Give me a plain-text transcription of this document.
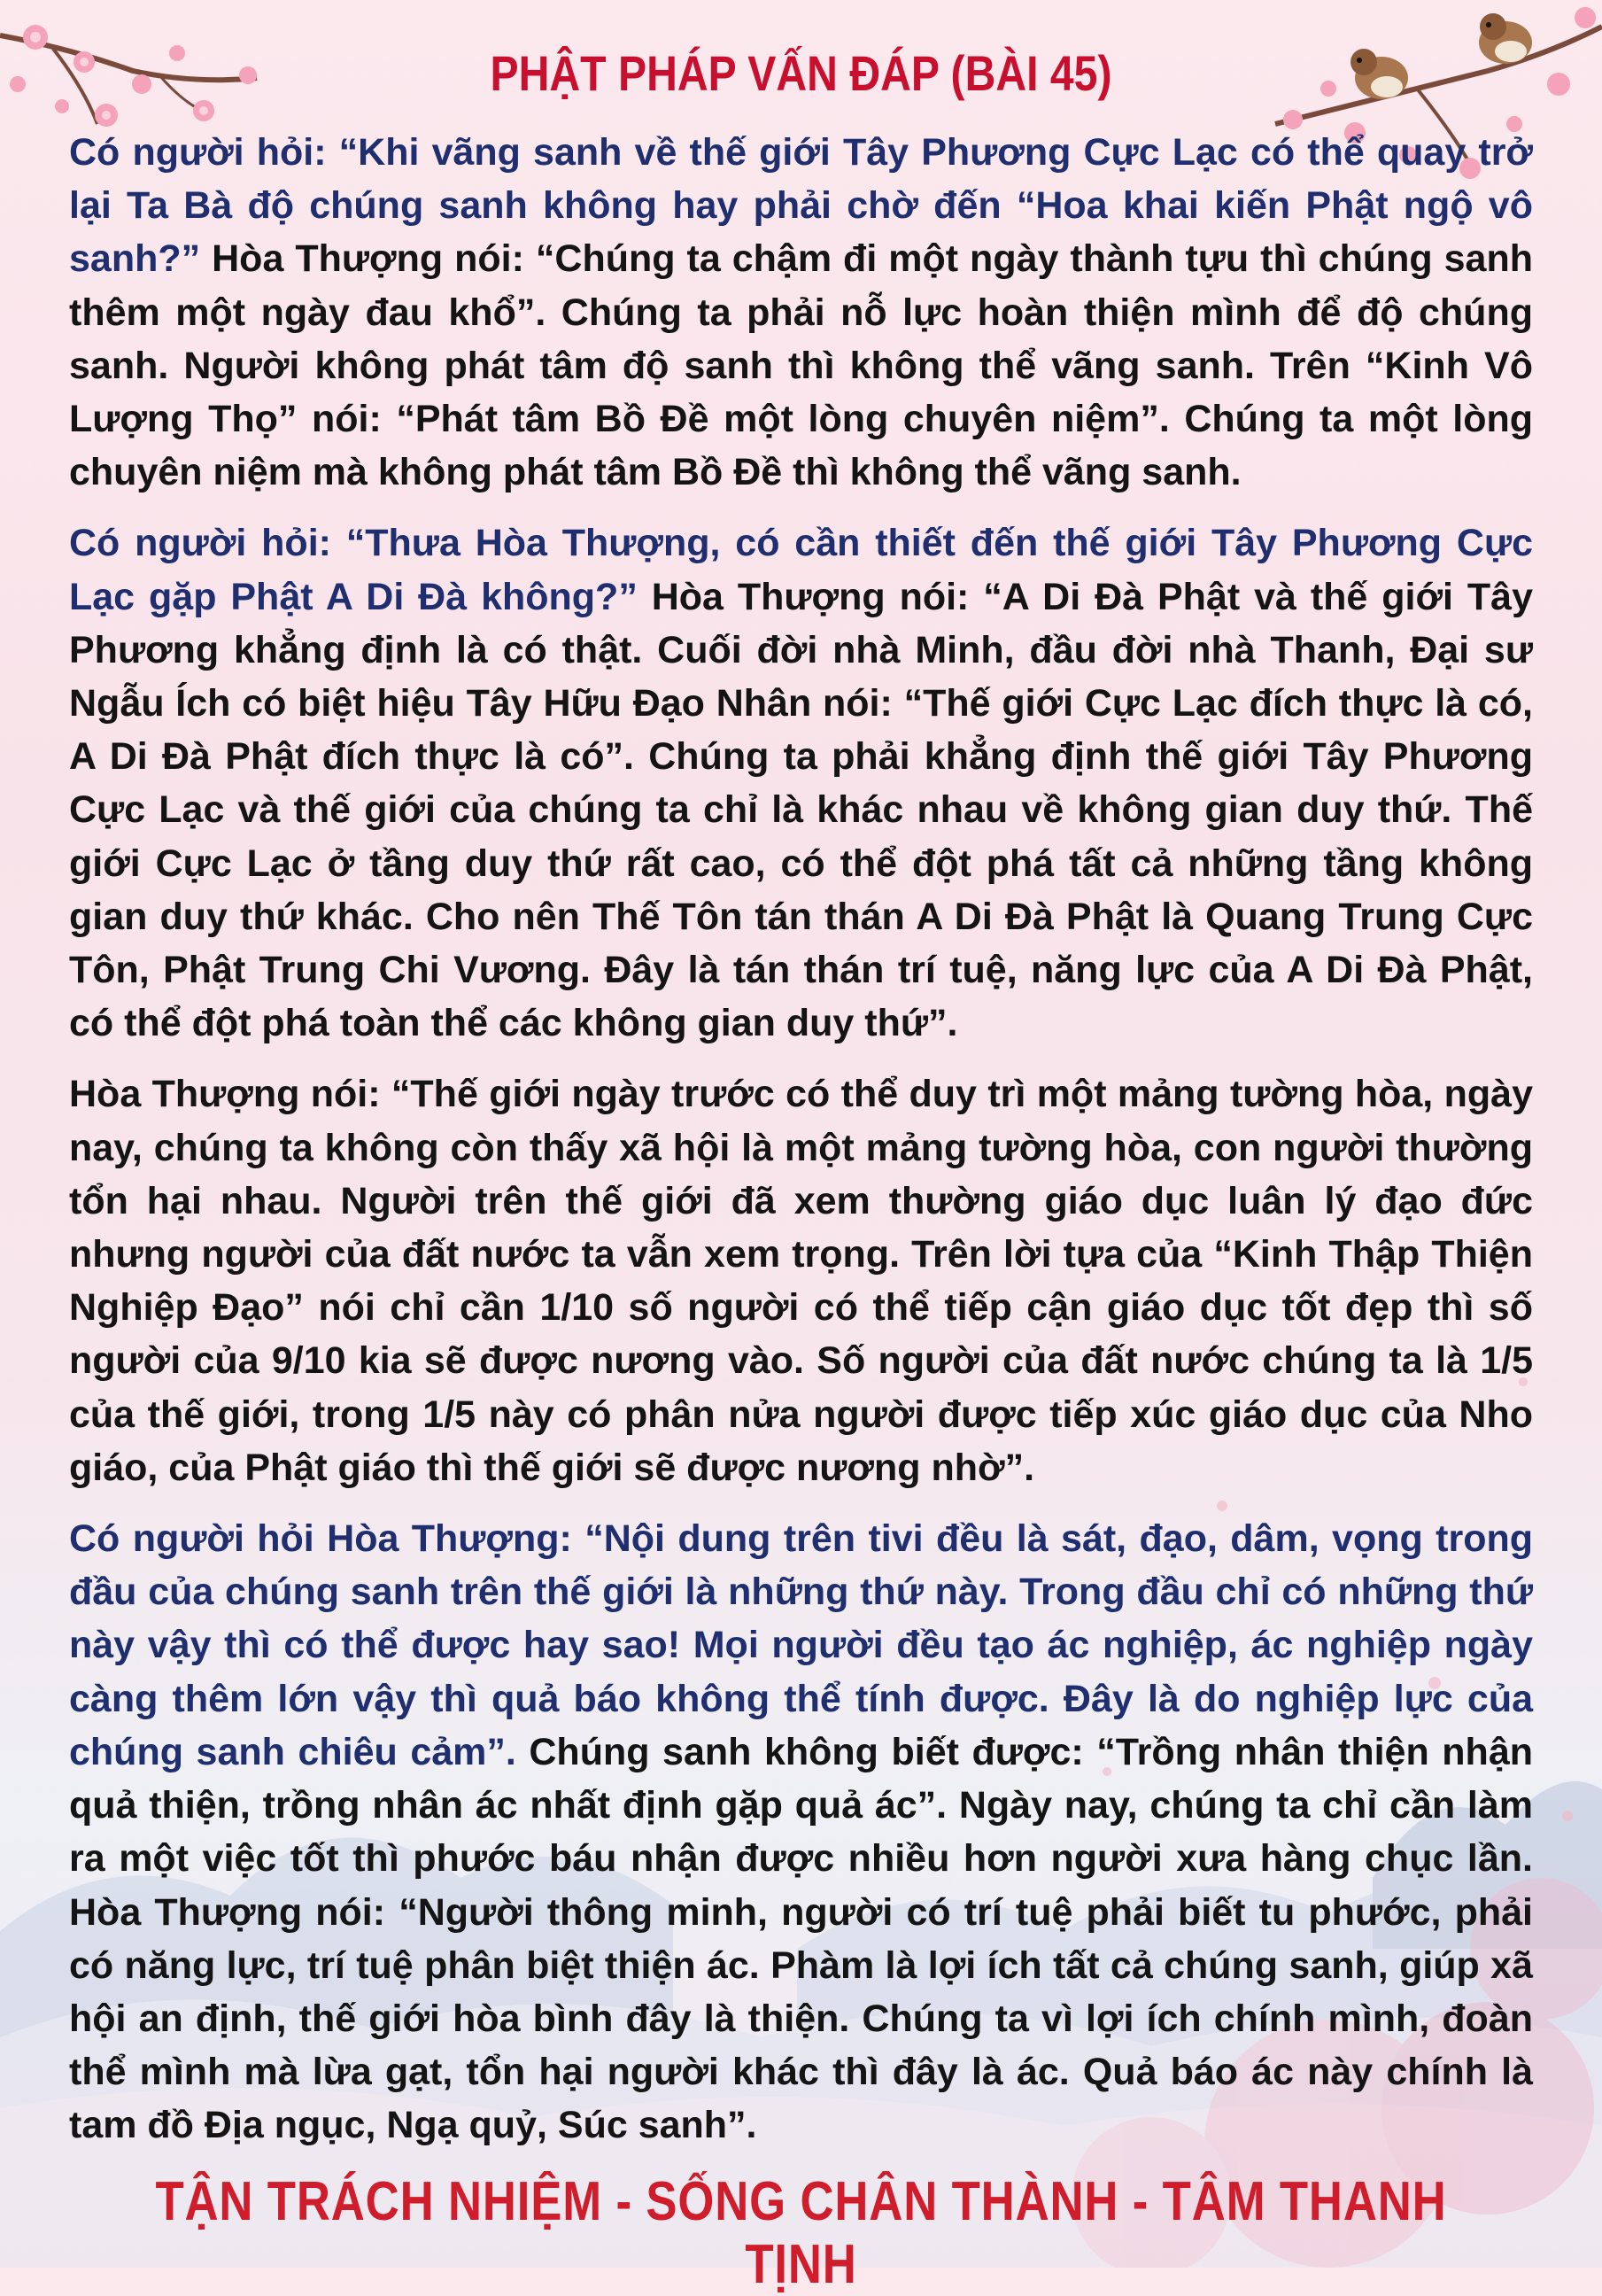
PHẬT PHÁP VẤN ĐÁP (BÀI 45)

Có người hỏi: “Khi vãng sanh về thế giới Tây Phương Cực Lạc có thể quay trở lại Ta Bà độ chúng sanh không hay phải chờ đến “Hoa khai kiến Phật ngộ vô sanh?” Hòa Thượng nói: “Chúng ta chậm đi một ngày thành tựu thì chúng sanh thêm một ngày đau khổ”. Chúng ta phải nỗ lực hoàn thiện mình để độ chúng sanh. Người không phát tâm độ sanh thì không thể vãng sanh. Trên “Kinh Vô Lượng Thọ” nói: “Phát tâm Bồ Đề một lòng chuyên niệm”. Chúng ta một lòng chuyên niệm mà không phát tâm Bồ Đề thì không thể vãng sanh.

Có người hỏi: “Thưa Hòa Thượng, có cần thiết đến thế giới Tây Phương Cực Lạc gặp Phật A Di Đà không?” Hòa Thượng nói: “A Di Đà Phật và thế giới Tây Phương khẳng định là có thật. Cuối đời nhà Minh, đầu đời nhà Thanh, Đại sư Ngẫu Ích có biệt hiệu Tây Hữu Đạo Nhân nói: “Thế giới Cực Lạc đích thực là có, A Di Đà Phật đích thực là có”. Chúng ta phải khẳng định thế giới Tây Phương Cực Lạc và thế giới của chúng ta chỉ là khác nhau về không gian duy thứ. Thế giới Cực Lạc ở tầng duy thứ rất cao, có thể đột phá tất cả những tầng không gian duy thứ khác. Cho nên Thế Tôn tán thán A Di Đà Phật là Quang Trung Cực Tôn, Phật Trung Chi Vương. Đây là tán thán trí tuệ, năng lực của A Di Đà Phật, có thể đột phá toàn thể các không gian duy thứ”.

Hòa Thượng nói: “Thế giới ngày trước có thể duy trì một mảng tường hòa, ngày nay, chúng ta không còn thấy xã hội là một mảng tường hòa, con người thường tổn hại nhau. Người trên thế giới đã xem thường giáo dục luân lý đạo đức nhưng người của đất nước ta vẫn xem trọng. Trên lời tựa của “Kinh Thập Thiện Nghiệp Đạo” nói chỉ cần 1/10 số người có thể tiếp cận giáo dục tốt đẹp thì số người của 9/10 kia sẽ được nương vào. Số người của đất nước chúng ta là 1/5 của thế giới, trong 1/5 này có phân nửa người được tiếp xúc giáo dục của Nho giáo, của Phật giáo thì thế giới sẽ được nương nhờ”.

Có người hỏi Hòa Thượng: “Nội dung trên tivi đều là sát, đạo, dâm, vọng trong đầu của chúng sanh trên thế giới là những thứ này. Trong đầu chỉ có những thứ này vậy thì có thể được hay sao! Mọi người đều tạo ác nghiệp, ác nghiệp ngày càng thêm lớn vậy thì quả báo không thể tính được. Đây là do nghiệp lực của chúng sanh chiêu cảm”. Chúng sanh không biết được: “Trồng nhân thiện nhận quả thiện, trồng nhân ác nhất định gặp quả ác”. Ngày nay, chúng ta chỉ cần làm ra một việc tốt thì phước báu nhận được nhiều hơn người xưa hàng chục lần. Hòa Thượng nói: “Người thông minh, người có trí tuệ phải biết tu phước, phải có năng lực, trí tuệ phân biệt thiện ác. Phàm là lợi ích tất cả chúng sanh, giúp xã hội an định, thế giới hòa bình đây là thiện. Chúng ta vì lợi ích chính mình, đoàn thể mình mà lừa gạt, tổn hại người khác thì đây là ác. Quả báo ác này chính là tam đồ Địa ngục, Ngạ quỷ, Súc sanh”.

TẬN TRÁCH NHIỆM - SỐNG CHÂN THÀNH - TÂM THANH TỊNH
